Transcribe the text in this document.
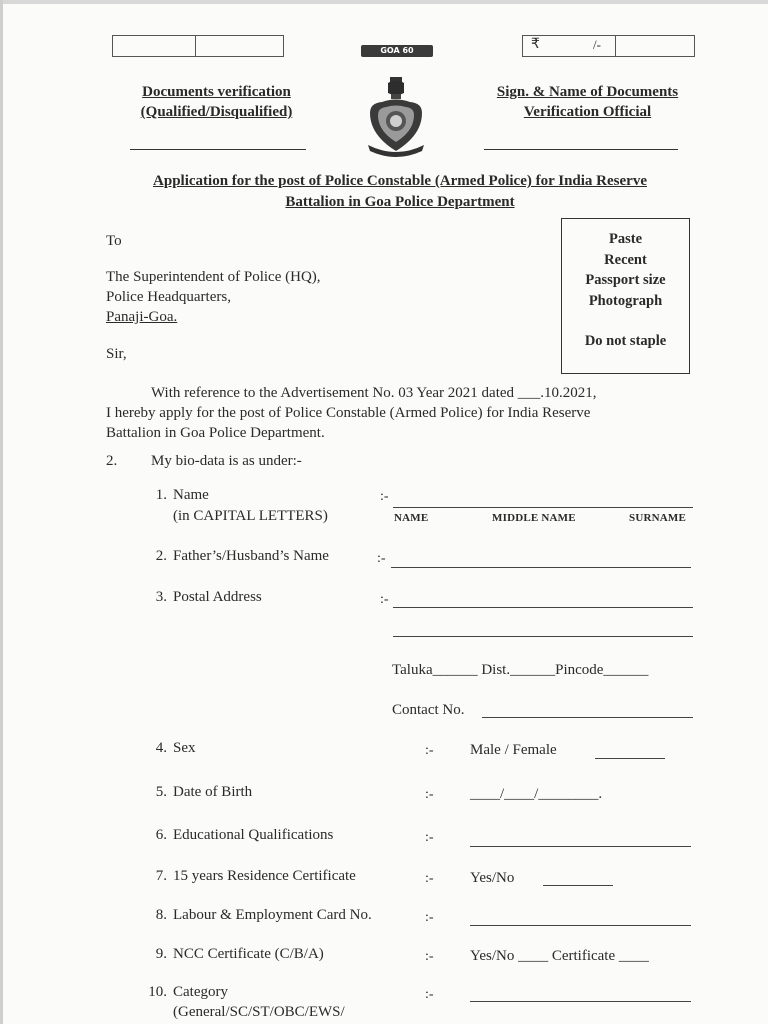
₹	/-
GOA 60
Documents verification
(Qualified/Disqualified)
Sign. & Name of Documents
Verification Official
Application for the post of Police Constable (Armed Police) for India Reserve
Battalion in Goa Police Department
Paste
Recent
Passport size
Photograph
Do not staple
To
The Superintendent of Police (HQ),
Police Headquarters,
Panaji-Goa.
Sir,
With reference to the Advertisement No. 03 Year 2021 dated ___.10.2021,
I hereby apply for the post of Police Constable (Armed Police) for India Reserve
Battalion in Goa Police Department.
2. My bio-data is as under:-
1. Name
(in CAPITAL LETTERS)
:-
NAME	MIDDLE NAME	SURNAME
2. Father’s/Husband’s Name	:-
3. Postal Address	:-
Taluka______ Dist.______Pincode______
Contact No.
4. Sex	:- Male / Female
5. Date of Birth	:- ____/____/________.
6. Educational Qualifications	:-
7. 15 years Residence Certificate	:- Yes/No
8. Labour & Employment Card No.	:-
9. NCC Certificate (C/B/A)	:- Yes/No ____ Certificate ____
10. Category
(General/SC/ST/OBC/EWS/
:-
